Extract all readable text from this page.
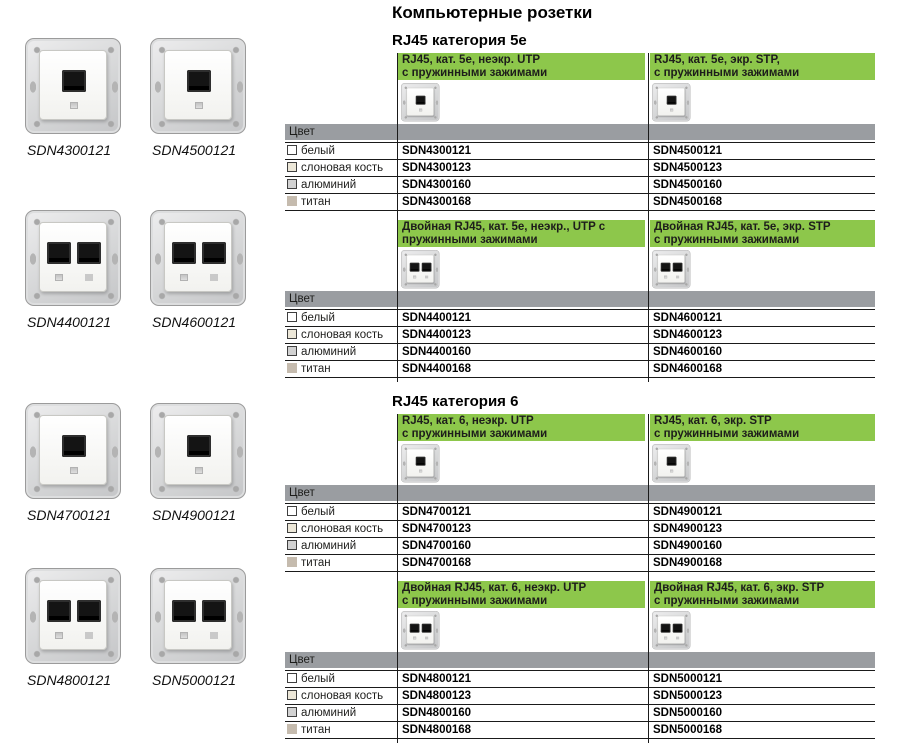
SDN4300121	SDN4500121
SDN4400121	SDN4600121
SDN4700121	SDN4900121
SDN4800121	SDN5000121
Компьютерные розетки
RJ45 категория 5e
RJ45, кат. 5е, неэкр. UTP
с пружинными зажимами
RJ45, кат. 5е, экр. STP,
с пружинными зажимами
Цвет
белый	SDN4300121	SDN4500121
слоновая кость	SDN4300123	SDN4500123
алюминий	SDN4300160	SDN4500160
титан	SDN4300168	SDN4500168
Двойная RJ45, кат. 5е, неэкр., UTP с
пружинными зажимами
Двойная RJ45, кат. 5е, экр. STP
с пружинными зажимами
Цвет
белый	SDN4400121	SDN4600121
слоновая кость	SDN4400123	SDN4600123
алюминий	SDN4400160	SDN4600160
титан	SDN4400168	SDN4600168
RJ45 категория 6
RJ45, кат. 6, неэкр. UTP
с пружинными зажимами
RJ45, кат. 6, экр. STP
с пружинными зажимами
Цвет
белый	SDN4700121	SDN4900121
слоновая кость	SDN4700123	SDN4900123
алюминий	SDN4700160	SDN4900160
титан	SDN4700168	SDN4900168
Двойная RJ45, кат. 6, неэкр. UTP
с пружинными зажимами
Двойная RJ45, кат. 6, экр. STP
с пружинными зажимами
Цвет
белый	SDN4800121	SDN5000121
слоновая кость	SDN4800123	SDN5000123
алюминий	SDN4800160	SDN5000160
титан	SDN4800168	SDN5000168
